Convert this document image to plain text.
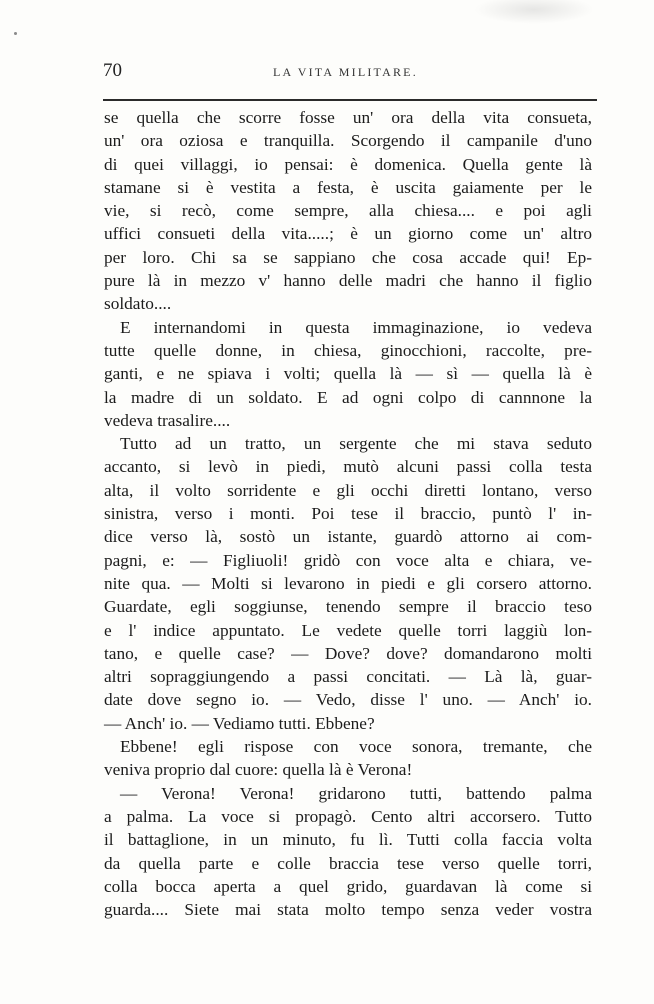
70	LA VITA MILITARE.
se quella che scorre fosse un' ora della vita consueta,
un' ora oziosa e tranquilla. Scorgendo il campanile d'uno
di quei villaggi, io pensai: è domenica. Quella gente là
stamane si è vestita a festa, è uscita gaiamente per le
vie, si recò, come sempre, alla chiesa.... e poi agli
uffici consueti della vita.....; è un giorno come un' altro
per loro. Chi sa se sappiano che cosa accade qui! Ep-
pure là in mezzo v' hanno delle madri che hanno il figlio
soldato....
E internandomi in questa immaginazione, io vedeva
tutte quelle donne, in chiesa, ginocchioni, raccolte, pre-
ganti, e ne spiava i volti; quella là — sì — quella là è
la madre di un soldato. E ad ogni colpo di cannnone la
vedeva trasalire....
Tutto ad un tratto, un sergente che mi stava seduto
accanto, si levò in piedi, mutò alcuni passi colla testa
alta, il volto sorridente e gli occhi diretti lontano, verso
sinistra, verso i monti. Poi tese il braccio, puntò l' in-
dice verso là, sostò un istante, guardò attorno ai com-
pagni, e: — Figliuoli! gridò con voce alta e chiara, ve-
nite qua. — Molti si levarono in piedi e gli corsero attorno.
Guardate, egli soggiunse, tenendo sempre il braccio teso
e l' indice appuntato. Le vedete quelle torri laggiù lon-
tano, e quelle case? — Dove? dove? domandarono molti
altri sopraggiungendo a passi concitati. — Là là, guar-
date dove segno io. — Vedo, disse l' uno. — Anch' io.
— Anch' io. — Vediamo tutti. Ebbene?
Ebbene! egli rispose con voce sonora, tremante, che
veniva proprio dal cuore: quella là è Verona!
— Verona! Verona! gridarono tutti, battendo palma
a palma. La voce si propagò. Cento altri accorsero. Tutto
il battaglione, in un minuto, fu lì. Tutti colla faccia volta
da quella parte e colle braccia tese verso quelle torri,
colla bocca aperta a quel grido, guardavan là come si
guarda.... Siete mai stata molto tempo senza veder vostra
